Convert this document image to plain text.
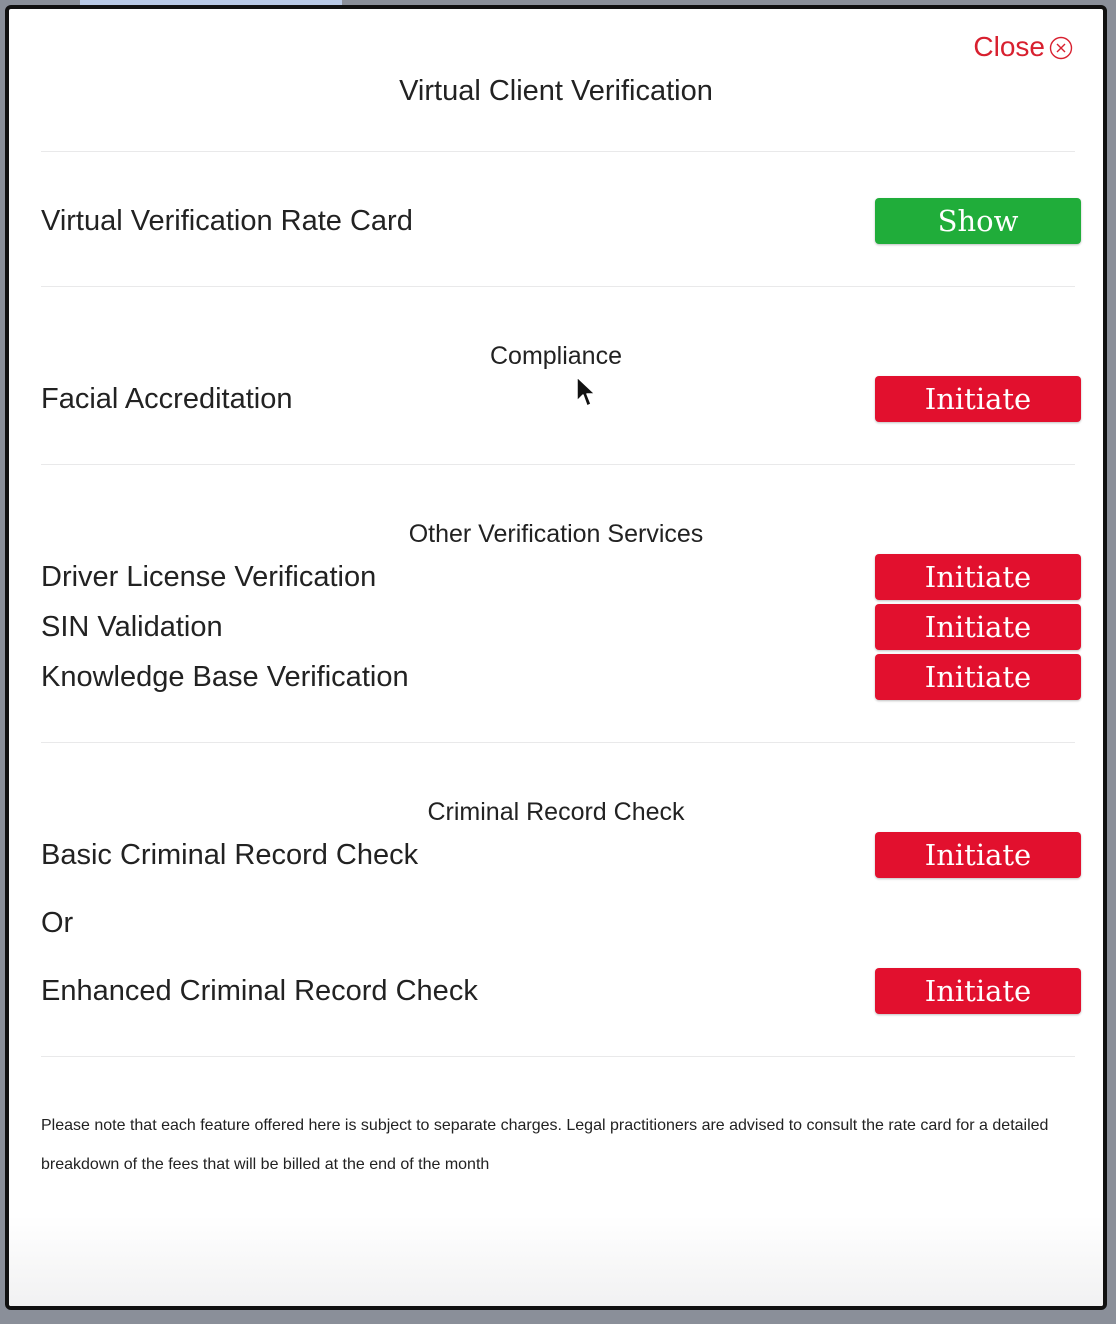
Close
Virtual Client Verification
Virtual Verification Rate Card	Show
Compliance
Facial Accreditation	Initiate
Other Verification Services
Driver License Verification	Initiate
SIN Validation	Initiate
Knowledge Base Verification	Initiate
Criminal Record Check
Basic Criminal Record Check	Initiate
Or
Enhanced Criminal Record Check	Initiate
Please note that each feature offered here is subject to separate charges. Legal practitioners are advised to consult the rate card for a detailed breakdown of the fees that will be billed at the end of the month
